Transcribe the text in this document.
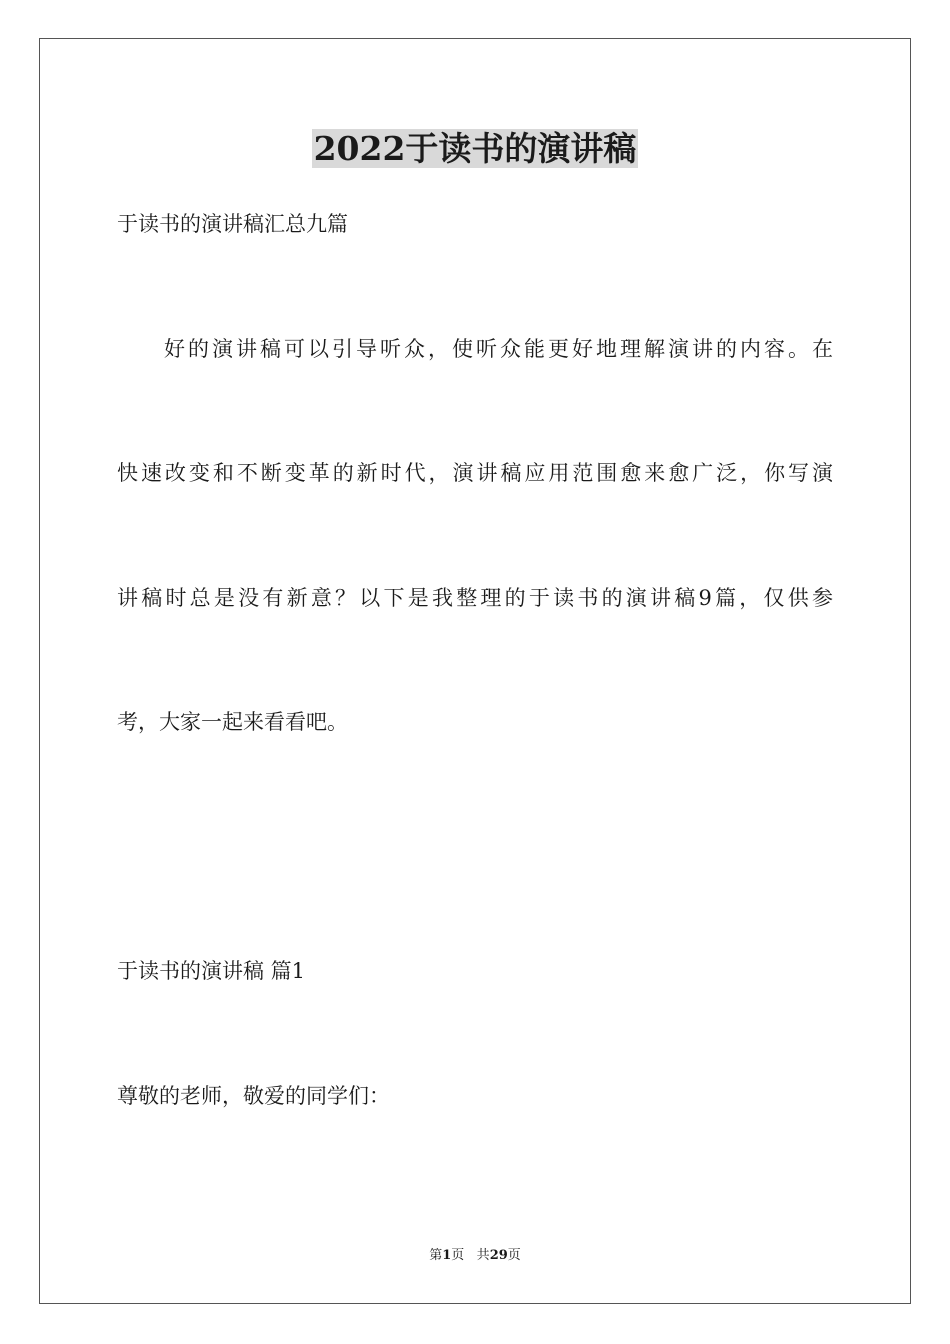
2022于读书的演讲稿

于读书的演讲稿汇总九篇

好的演讲稿可以引导听众，使听众能更好地理解演讲的内容。在

快速改变和不断变革的新时代，演讲稿应用范围愈来愈广泛，你写演

讲稿时总是没有新意？以下是我整理的于读书的演讲稿9篇，仅供参

考，大家一起来看看吧。

于读书的演讲稿 篇1

尊敬的老师，敬爱的同学们：

第1页 共29页
